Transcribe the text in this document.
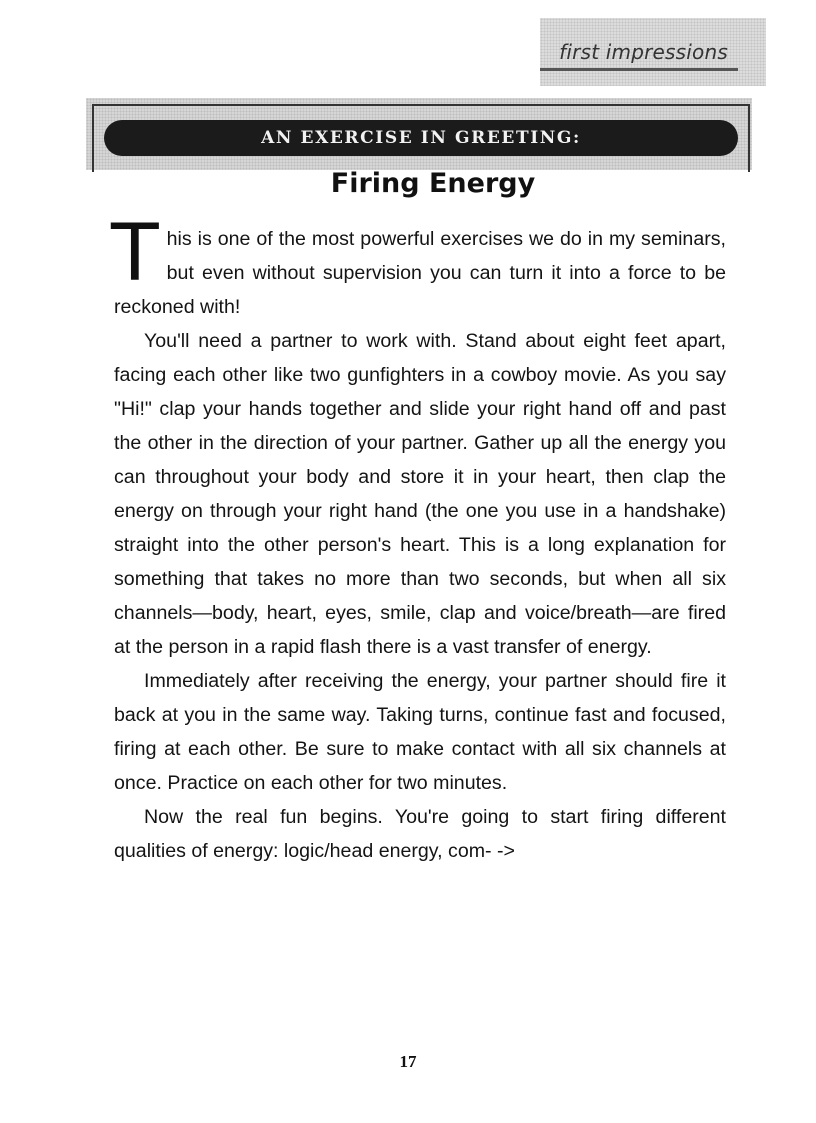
first impressions
AN EXERCISE IN GREETING:
Firing Energy

This is one of the most powerful exercises we do in my seminars, but even without supervision you can turn it into a force to be reckoned with!

You'll need a partner to work with. Stand about eight feet apart, facing each other like two gunfighters in a cowboy movie. As you say "Hi!" clap your hands together and slide your right hand off and past the other in the direction of your partner. Gather up all the energy you can throughout your body and store it in your heart, then clap the energy on through your right hand (the one you use in a handshake) straight into the other person's heart. This is a long explanation for something that takes no more than two seconds, but when all six channels—body, heart, eyes, smile, clap and voice/breath—are fired at the person in a rapid flash there is a vast transfer of energy.

Immediately after receiving the energy, your partner should fire it back at you in the same way. Taking turns, continue fast and focused, firing at each other. Be sure to make contact with all six channels at once. Practice on each other for two minutes.

Now the real fun begins. You're going to start firing different qualities of energy: logic/head energy, com- ->

17
